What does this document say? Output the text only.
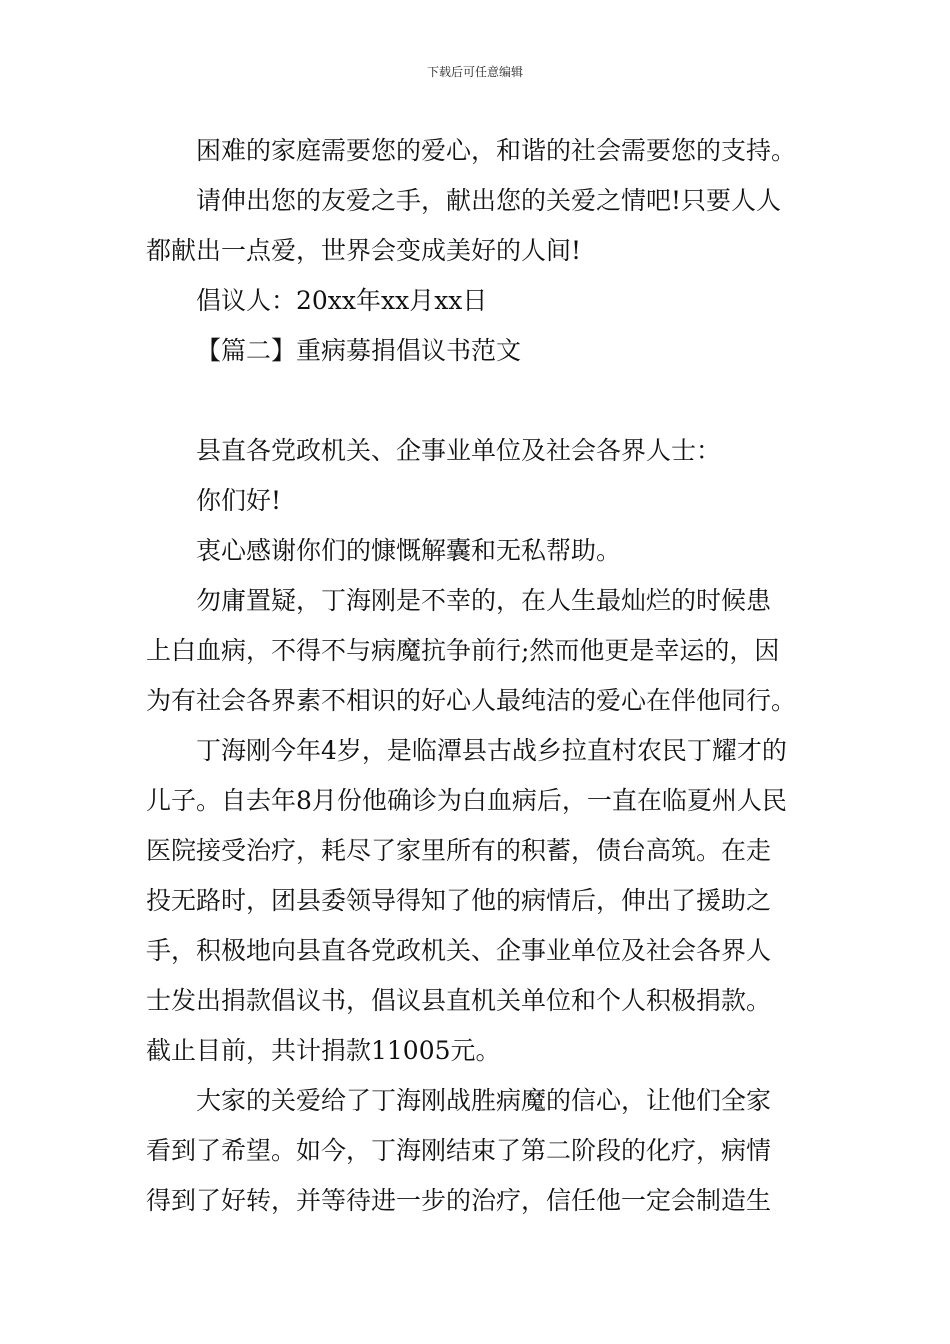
下载后可任意编辑
困难的家庭需要您的爱心，和谐的社会需要您的支持。
请伸出您的友爱之手，献出您的关爱之情吧!只要人人
都献出一点爱，世界会变成美好的人间!
倡议人：20xx年xx月xx日
【篇二】重病募捐倡议书范文
县直各党政机关、企事业单位及社会各界人士：
你们好!
衷心感谢你们的慷慨解囊和无私帮助。
勿庸置疑，丁海刚是不幸的，在人生最灿烂的时候患
上白血病，不得不与病魔抗争前行;然而他更是幸运的，因
为有社会各界素不相识的好心人最纯洁的爱心在伴他同行。
丁海刚今年4岁，是临潭县古战乡拉直村农民丁耀才的
儿子。自去年8月份他确诊为白血病后，一直在临夏州人民
医院接受治疗，耗尽了家里所有的积蓄，债台高筑。在走
投无路时，团县委领导得知了他的病情后，伸出了援助之
手，积极地向县直各党政机关、企事业单位及社会各界人
士发出捐款倡议书，倡议县直机关单位和个人积极捐款。
截止目前，共计捐款11005元。
大家的关爱给了丁海刚战胜病魔的信心，让他们全家
看到了希望。如今，丁海刚结束了第二阶段的化疗，病情
得到了好转，并等待进一步的治疗，信任他一定会制造生
